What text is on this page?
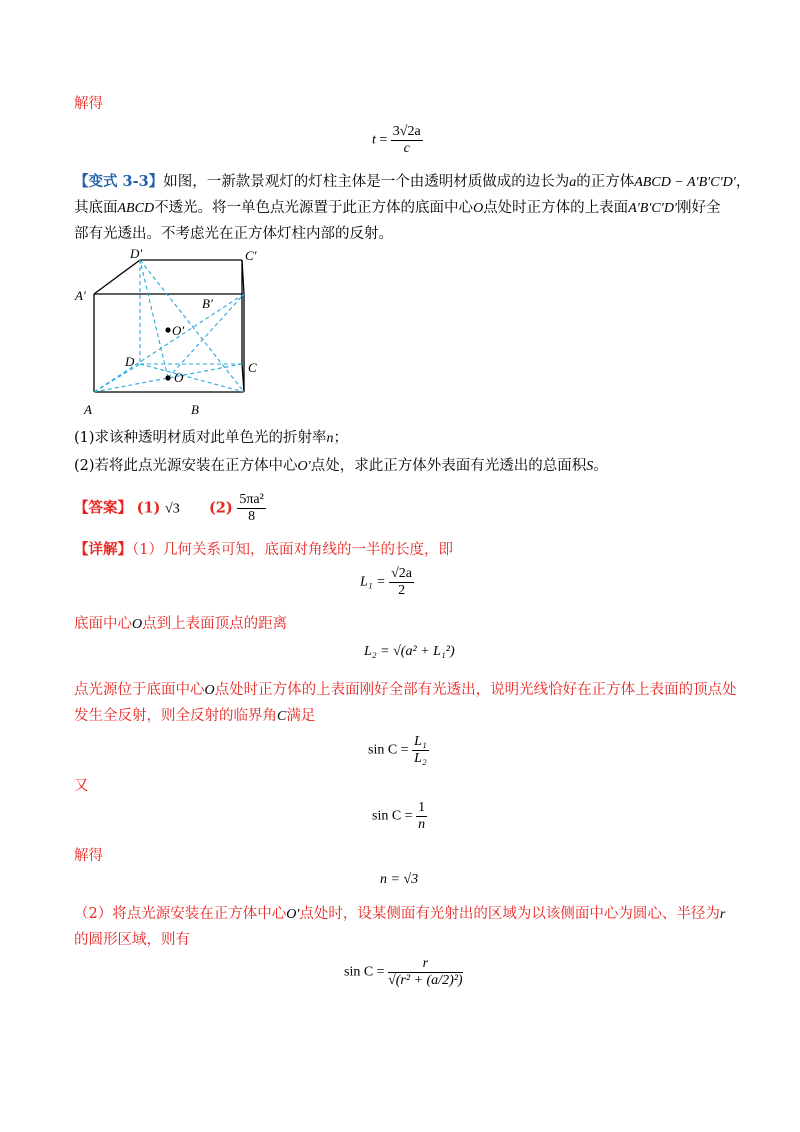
解得
$t = \frac{3√2a}{c}$
【变式 3-3】如图，一新款景观灯的灯柱主体是一个由透明材质做成的边长为a的正方体ABCD − A′B′C′D′，
其底面ABCD不透光。将一单色点光源置于此正方体的底面中心O点处时正方体的上表面A′B′C′D′刚好全
部有光透出。不考虑光在正方体灯柱内部的反射。
D′	C′
A′
B′
O′
D	C
O
A	B
(1)求该种透明材质对此单色光的折射率n；
(2)若将此点光源安装在正方体中心O′点处，求此正方体外表面有光透出的总面积S。
【答案】 (1) √3 $(2) \frac{\text{5πa²}}{8}$
【详解】（1）几何关系可知，底面对角线的一半的长度，即
$L_1 = \frac{√2a}{2}$
底面中心O点到上表面顶点的距离
L₂ = √(a² + L₁²)
点光源位于底面中心O点处时正方体的上表面刚好全部有光透出，说明光线恰好在正方体上表面的顶点处
发生全反射，则全反射的临界角C满足
$\sin C = \frac{\text{L₁}}{\text{L₂}}$
又
$\sin C = \frac{1}{n}$
解得
n = √3
（2）将点光源安装在正方体中心O′点处时，设某侧面有光射出的区域为以该侧面中心为圆心、半径为r
的圆形区域，则有
$\sin C = \frac{r}{\text{√(r² + (a/2)²)}}$
